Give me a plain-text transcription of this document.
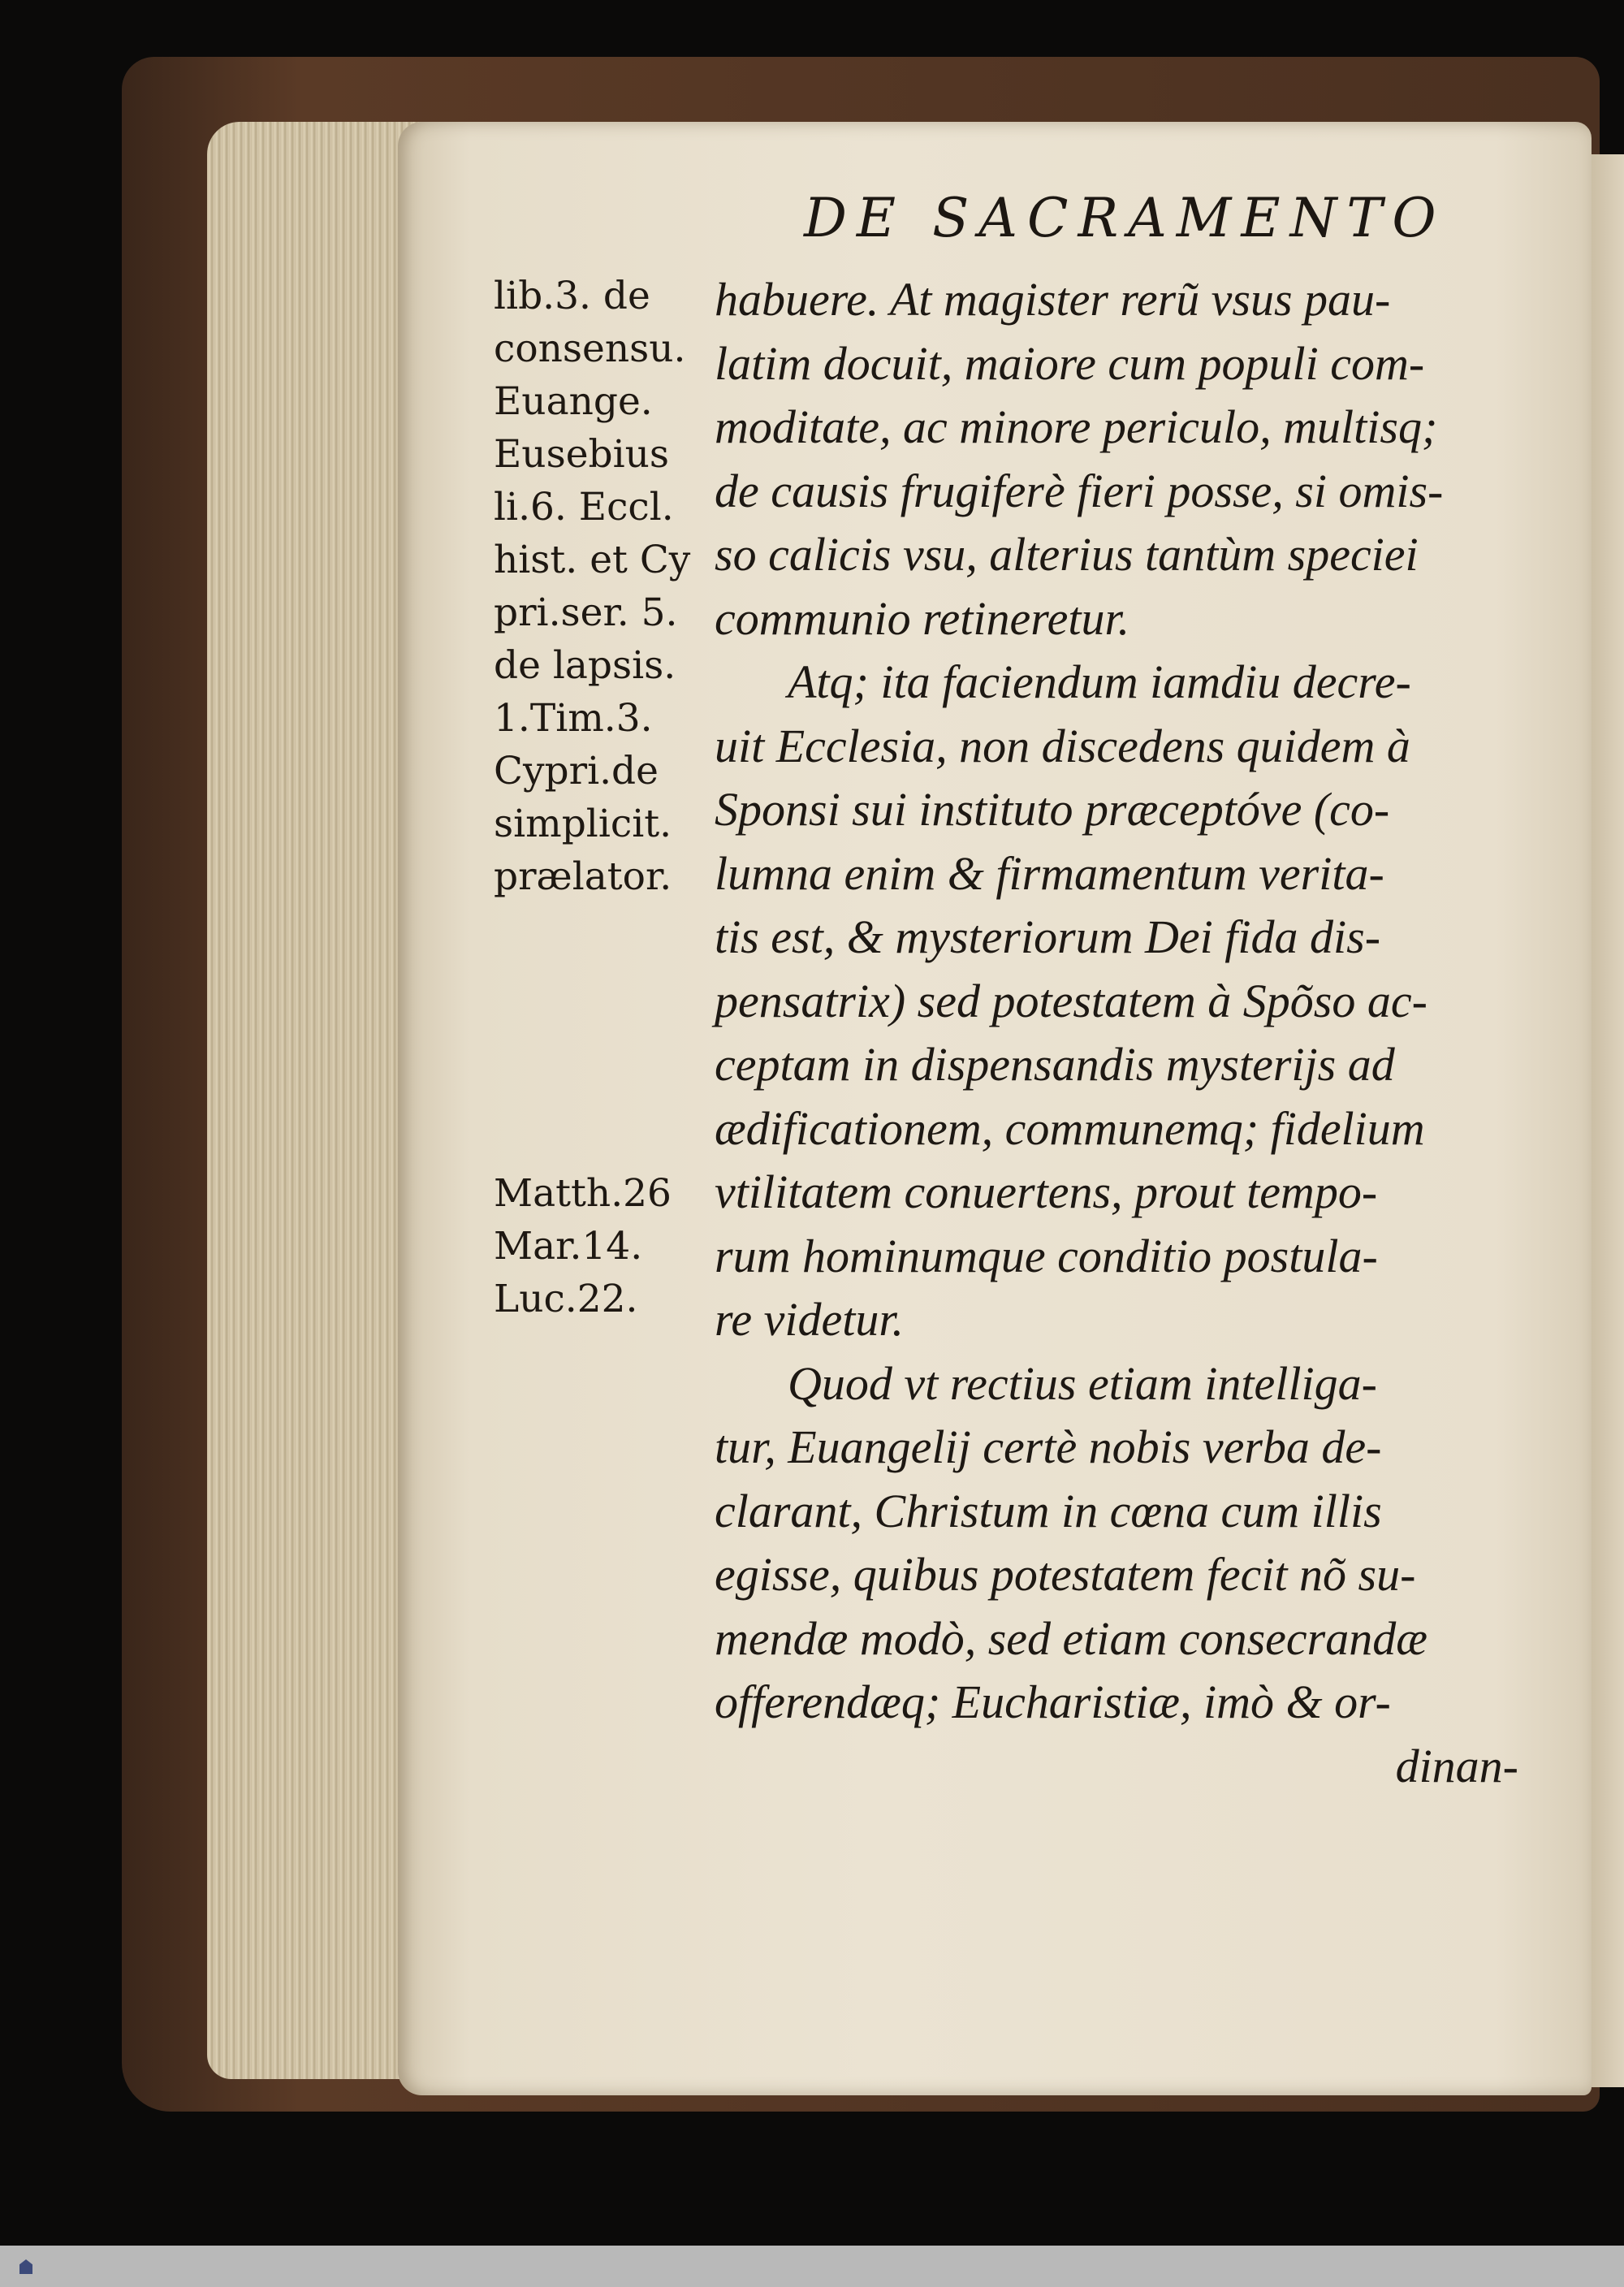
DE SACRAMENTO
lib.3. de
consensu.
Euange.
Eusebius
li.6. Eccl.
hist. et Cy
pri.ser. 5.
de lapsis.
1.Tim.3.
Cypri.de
simplicit.
prælator.
Matth.26
Mar.14.
Luc.22.
habuere. At magister rerũ vsus pau-
latim docuit, maiore cum populi com-
moditate, ac minore periculo, multisq;
de causis frugiferè fieri posse, si omis-
so calicis vsu, alterius tantùm speciei
communio retineretur.
Atq; ita faciendum iamdiu decre-
uit Ecclesia, non discedens quidem à
Sponsi sui instituto præceptóve (co-
lumna enim & firmamentum verita-
tis est, & mysteriorum Dei fida dis-
pensatrix) sed potestatem à Spõso ac-
ceptam in dispensandis mysterijs ad
ædificationem, communemq; fidelium
vtilitatem conuertens, prout tempo-
rum hominumque conditio postula-
re videtur.
Quod vt rectius etiam intelliga-
tur, Euangelij certè nobis verba de-
clarant, Christum in cœna cum illis
egisse, quibus potestatem fecit nõ su-
mendæ modò, sed etiam consecrandæ
offerendæq; Eucharistiæ, imò & or-
dinan-
